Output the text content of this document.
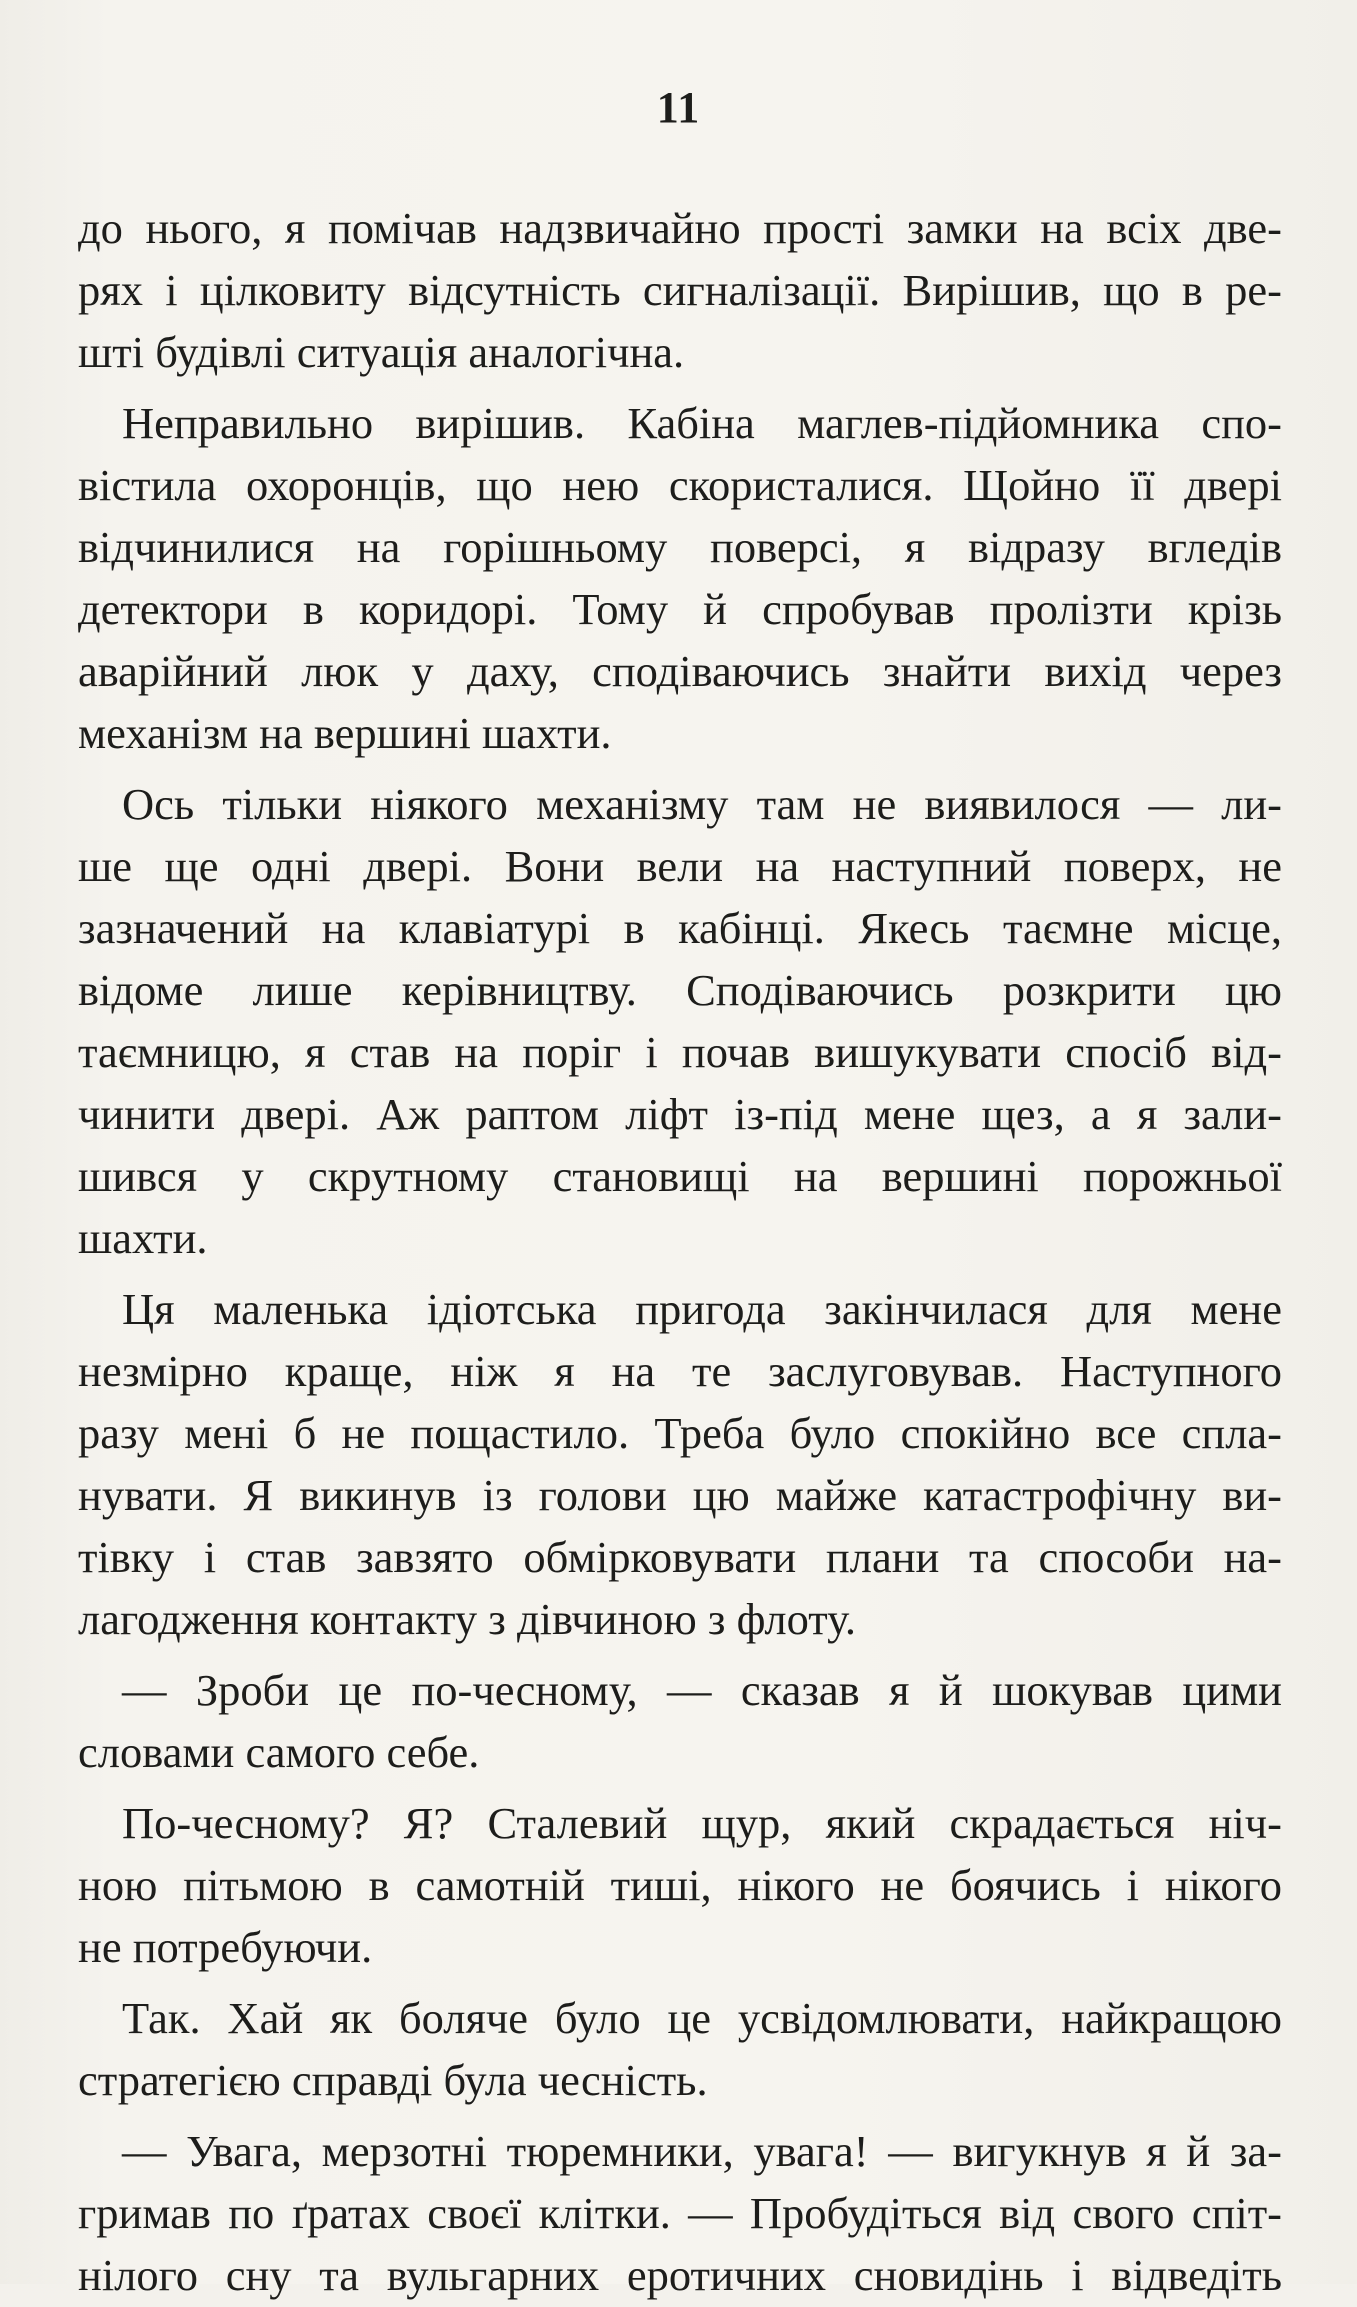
11
до нього, я помічав надзвичайно прості замки на всіх две-
рях і цілковиту відсутність сигналізації. Вирішив, що в ре-
шті будівлі ситуація аналогічна.
Неправильно вирішив. Кабіна маглев-підйомника спо-
вістила охоронців, що нею скористалися. Щойно її двері
відчинилися на горішньому поверсі, я відразу вгледів
детектори в коридорі. Тому й спробував пролізти крізь
аварійний люк у даху, сподіваючись знайти вихід через
механізм на вершині шахти.
Ось тільки ніякого механізму там не виявилося — ли-
ше ще одні двері. Вони вели на наступний поверх, не
зазначений на клавіатурі в кабінці. Якесь таємне місце,
відоме лише керівництву. Сподіваючись розкрити цю
таємницю, я став на поріг і почав вишукувати спосіб від-
чинити двері. Аж раптом ліфт із-під мене щез, а я зали-
шився у скрутному становищі на вершині порожньої
шахти.
Ця маленька ідіотська пригода закінчилася для мене
незмірно краще, ніж я на те заслуговував. Наступного
разу мені б не пощастило. Треба було спокійно все спла-
нувати. Я викинув із голови цю майже катастрофічну ви-
тівку і став завзято обмірковувати плани та способи на-
лагодження контакту з дівчиною з флоту.
— Зроби це по-чесному, — сказав я й шокував цими
словами самого себе.
По-чесному? Я? Сталевий щур, який скрадається ніч-
ною пітьмою в самотній тиші, нікого не боячись і нікого
не потребуючи.
Так. Хай як боляче було це усвідомлювати, найкращою
стратегією справді була чесність.
— Увага, мерзотні тюремники, увага! — вигукнув я й за-
гримав по ґратах своєї клітки. — Пробудіться від свого спіт-
нілого сну та вульгарних еротичних сновидінь і відведіть
